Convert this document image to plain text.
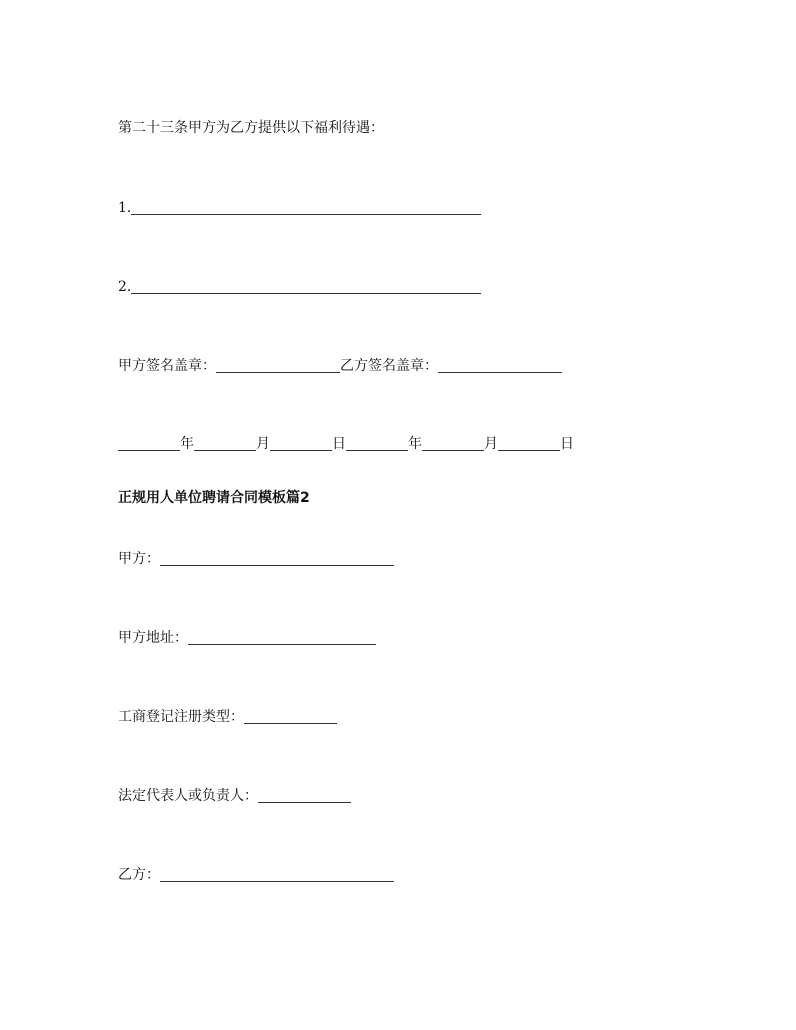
第二十三条甲方为乙方提供以下福利待遇：
1.
2.
甲方签名盖章：	乙方签名盖章：
年	月	日	年	月	日
正规用人单位聘请合同模板篇2
甲方：
甲方地址：
工商登记注册类型：
法定代表人或负责人：
乙方：
